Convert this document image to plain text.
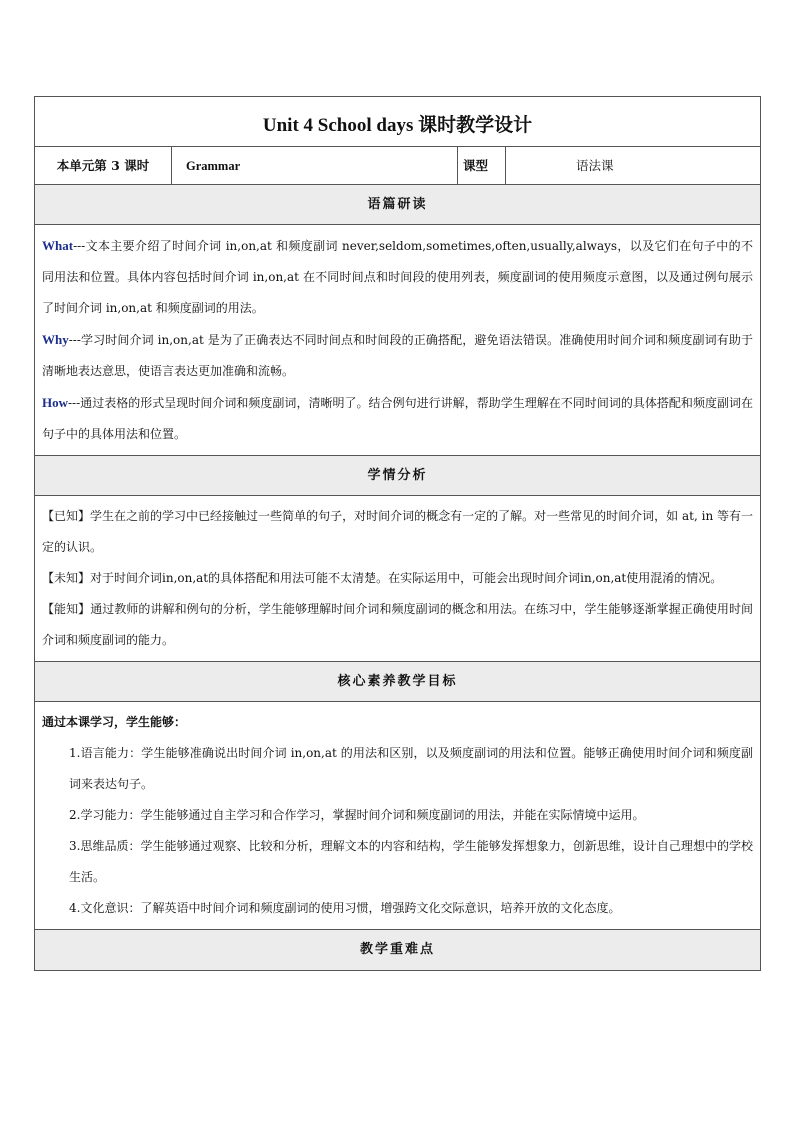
Unit 4 School days 课时教学设计
本单元第 3 课时	Grammar	课型	语法课
语篇研读

What---文本主要介绍了时间介词 in,on,at 和频度副词 never,seldom,sometimes,often,usually,always，以及它们在句子中的不同用法和位置。具体内容包括时间介词 in,on,at 在不同时间点和时间段的使用列表，频度副词的使用频度示意图，以及通过例句展示了时间介词 in,on,at 和频度副词的用法。

Why---学习时间介词 in,on,at 是为了正确表达不同时间点和时间段的正确搭配，避免语法错误。准确使用时间介词和频度副词有助于清晰地表达意思，使语言表达更加准确和流畅。

How---通过表格的形式呈现时间介词和频度副词，清晰明了。结合例句进行讲解，帮助学生理解在不同时间词的具体搭配和频度副词在句子中的具体用法和位置。

学情分析

【已知】学生在之前的学习中已经接触过一些简单的句子，对时间介词的概念有一定的了解。对一些常见的时间介词，如 at, in 等有一定的认识。

【未知】对于时间介词in,on,at的具体搭配和用法可能不太清楚。在实际运用中，可能会出现时间介词in,on,at使用混淆的情况。

【能知】通过教师的讲解和例句的分析，学生能够理解时间介词和频度副词的概念和用法。在练习中，学生能够逐渐掌握正确使用时间介词和频度副词的能力。

核心素养教学目标

通过本课学习，学生能够：

1.语言能力：学生能够准确说出时间介词 in,on,at 的用法和区别，以及频度副词的用法和位置。能够正确使用时间介词和频度副词来表达句子。

2.学习能力：学生能够通过自主学习和合作学习，掌握时间介词和频度副词的用法，并能在实际情境中运用。

3.思维品质：学生能够通过观察、比较和分析，理解文本的内容和结构，学生能够发挥想象力，创新思维，设计自己理想中的学校生活。

4.文化意识：了解英语中时间介词和频度副词的使用习惯，增强跨文化交际意识，培养开放的文化态度。

教学重难点
